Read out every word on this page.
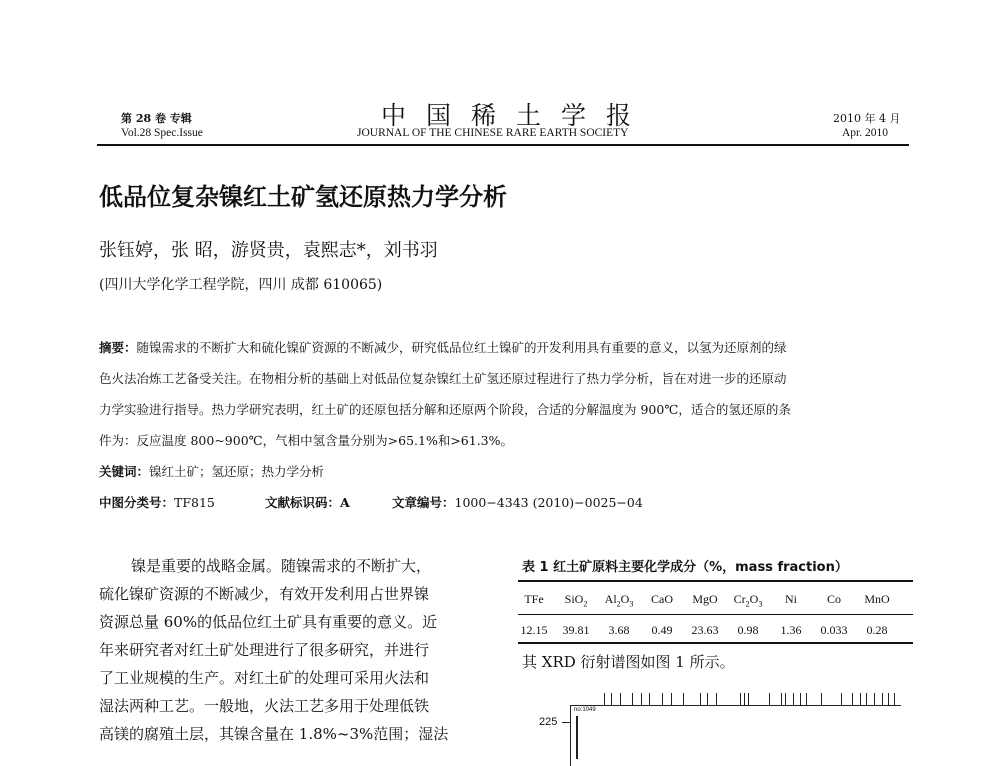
第 28 卷 专辑
Vol.28 Spec.Issue
中国稀土学报
JOURNAL OF THE CHINESE RARE EARTH SOCIETY
2010 年 4 月
Apr. 2010
低品位复杂镍红土矿氢还原热力学分析
张钰婷，张 昭，游贤贵，袁熙志*，刘书羽
(四川大学化学工程学院，四川 成都 610065)
摘要：随镍需求的不断扩大和硫化镍矿资源的不断减少，研究低品位红土镍矿的开发利用具有重要的意义，以氢为还原剂的绿
色火法冶炼工艺备受关注。在物相分析的基础上对低品位复杂镍红土矿氢还原过程进行了热力学分析，旨在对进一步的还原动
力学实验进行指导。热力学研究表明，红土矿的还原包括分解和还原两个阶段，合适的分解温度为 900℃，适合的氢还原的条
件为：反应温度 800~900℃，气相中氢含量分别为>65.1%和>61.3%。
关键词：镍红土矿；氢还原；热力学分析
中图分类号：TF815	文献标识码：A	文章编号：1000−4343 (2010)−0025−04
镍是重要的战略金属。随镍需求的不断扩大，
硫化镍矿资源的不断减少，有效开发利用占世界镍
资源总量 60%的低品位红土矿具有重要的意义。近
年来研究者对红土矿处理进行了很多研究，并进行
了工业规模的生产。对红土矿的处理可采用火法和
湿法两种工艺。一般地，火法工艺多用于处理低铁
高镁的腐殖土层，其镍含量在 1.8%~3%范围；湿法
表 1 红土矿原料主要化学成分（%，mass fraction）
TFe	SiO$_2$	$Al_2O_3$	CaO	MgO	$Cr_2O_3$	Ni	Co	MnO
12.15	39.81	3.68	0.49	23.63	0.98	1.36	0.033	0.28
其 XRD 衍射谱图如图 1 所示。
225
no:1049
